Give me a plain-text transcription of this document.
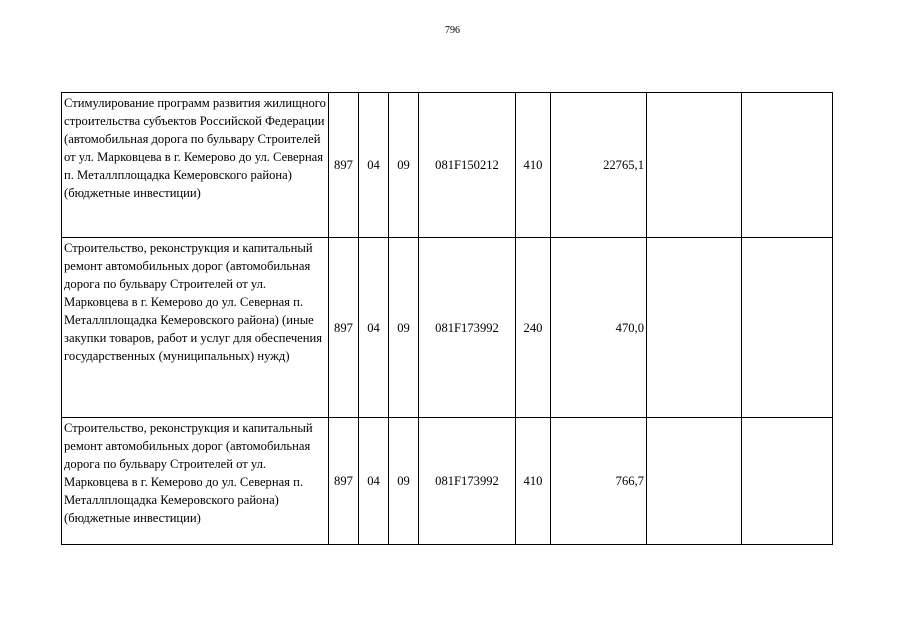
796
Стимулирование программ развития жилищного строительства субъектов Российской Федерации (автомобильная дорога по бульвару Строителей от ул. Марковцева в г. Кемерово до ул. Северная п. Металлплощадка Кемеровского района) (бюджетные инвестиции)	897	04	09	081F150212	410	22765,1		
Строительство, реконструкция и капитальный ремонт автомобильных дорог (автомобильная дорога по бульвару Строителей от ул. Марковцева в г. Кемерово до ул. Северная п. Металлплощадка Кемеровского района) (иные закупки товаров, работ и услуг для обеспечения государственных (муниципальных) нужд)	897	04	09	081F173992	240	470,0		
Строительство, реконструкция и капитальный ремонт автомобильных дорог (автомобильная дорога по бульвару Строителей от ул. Марковцева в г. Кемерово до ул. Северная п. Металлплощадка Кемеровского района) (бюджетные инвестиции)	897	04	09	081F173992	410	766,7		
